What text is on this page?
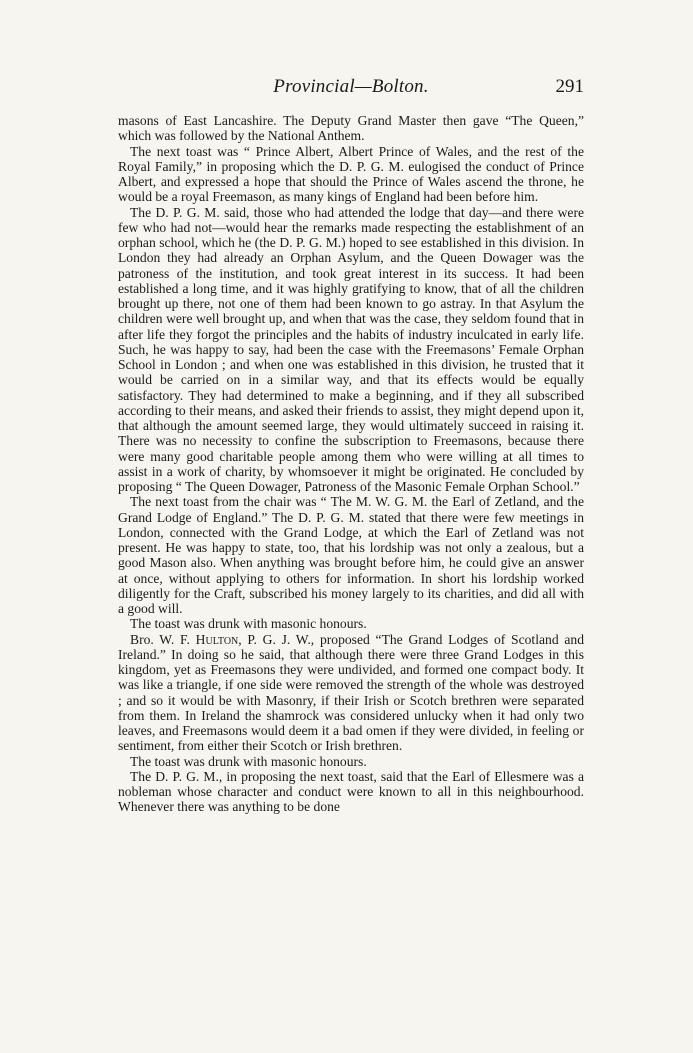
Provincial—Bolton.	291

masons of East Lancashire. The Deputy Grand Master then gave “The Queen,” which was followed by the National Anthem.

The next toast was “ Prince Albert, Albert Prince of Wales, and the rest of the Royal Family,” in proposing which the D. P. G. M. eulogised the conduct of Prince Albert, and expressed a hope that should the Prince of Wales ascend the throne, he would be a royal Freemason, as many kings of England had been before him.

The D. P. G. M. said, those who had attended the lodge that day—and there were few who had not—would hear the remarks made respecting the establishment of an orphan school, which he (the D. P. G. M.) hoped to see established in this division. In London they had already an Orphan Asylum, and the Queen Dowager was the patroness of the institution, and took great interest in its success. It had been established a long time, and it was highly gratifying to know, that of all the children brought up there, not one of them had been known to go astray. In that Asylum the children were well brought up, and when that was the case, they seldom found that in after life they forgot the principles and the habits of industry inculcated in early life. Such, he was happy to say, had been the case with the Freemasons’ Female Orphan School in London ; and when one was established in this division, he trusted that it would be carried on in a similar way, and that its effects would be equally satisfactory. They had determined to make a beginning, and if they all subscribed according to their means, and asked their friends to assist, they might depend upon it, that although the amount seemed large, they would ultimately succeed in raising it. There was no necessity to confine the subscription to Freemasons, because there were many good charitable people among them who were willing at all times to assist in a work of charity, by whomsoever it might be originated. He concluded by proposing “ The Queen Dowager, Patroness of the Masonic Female Orphan School.”

The next toast from the chair was “ The M. W. G. M. the Earl of Zetland, and the Grand Lodge of England.” The D. P. G. M. stated that there were few meetings in London, connected with the Grand Lodge, at which the Earl of Zetland was not present. He was happy to state, too, that his lordship was not only a zealous, but a good Mason also. When anything was brought before him, he could give an answer at once, without applying to others for information. In short his lordship worked diligently for the Craft, subscribed his money largely to its charities, and did all with a good will.

The toast was drunk with masonic honours.

Bro. W. F. Hulton, P. G. J. W., proposed “The Grand Lodges of Scotland and Ireland.” In doing so he said, that although there were three Grand Lodges in this kingdom, yet as Freemasons they were undivided, and formed one compact body. It was like a triangle, if one side were removed the strength of the whole was destroyed ; and so it would be with Masonry, if their Irish or Scotch brethren were separated from them. In Ireland the shamrock was considered unlucky when it had only two leaves, and Freemasons would deem it a bad omen if they were divided, in feeling or sentiment, from either their Scotch or Irish brethren.

The toast was drunk with masonic honours.

The D. P. G. M., in proposing the next toast, said that the Earl of Ellesmere was a nobleman whose character and conduct were known to all in this neighbourhood. Whenever there was anything to be done
